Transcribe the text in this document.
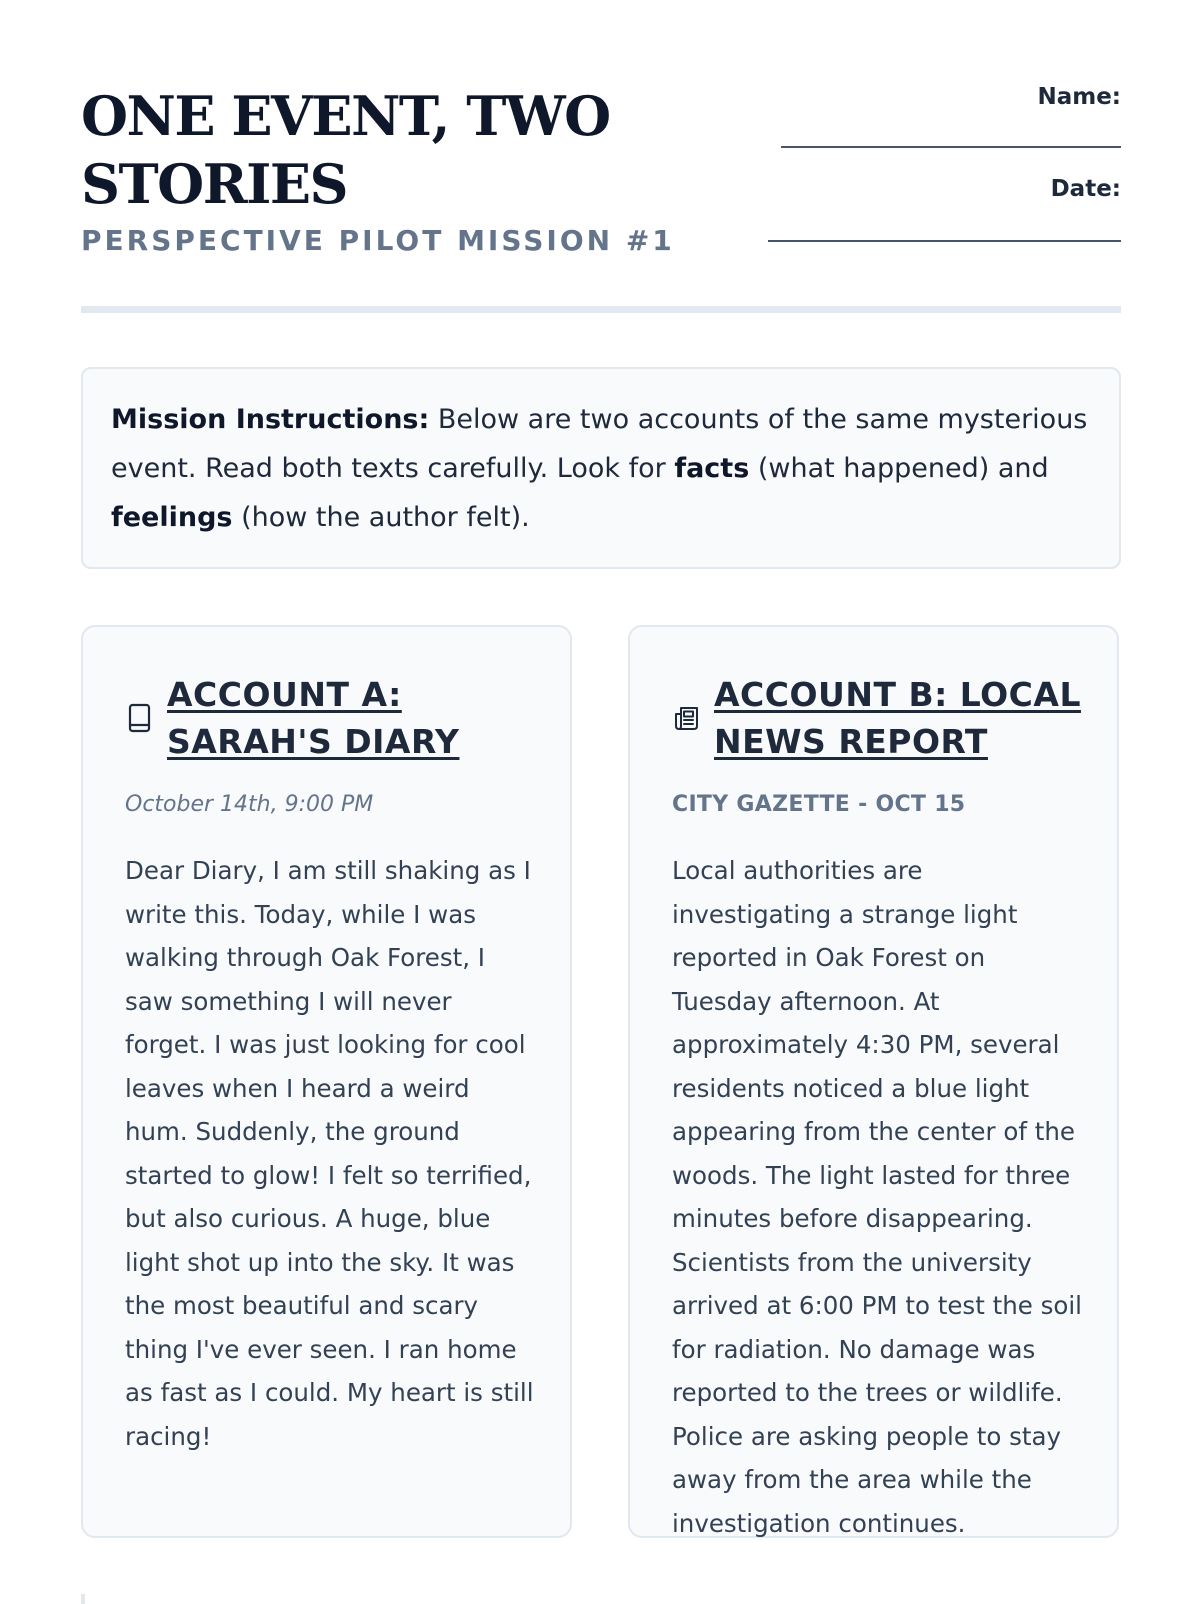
ONE EVENT, TWO STORIES
PERSPECTIVE PILOT MISSION #1
Name:
Date:
Mission Instructions: Below are two accounts of the same mysterious event. Read both texts carefully. Look for facts (what happened) and feelings (how the author felt).
ACCOUNT A: SARAH'S DIARY
October 14th, 9:00 PM

Dear Diary, I am still shaking as I write this. Today, while I was walking through Oak Forest, I saw something I will never forget. I was just looking for cool leaves when I heard a weird hum. Suddenly, the ground started to glow! I felt so terrified, but also curious. A huge, blue light shot up into the sky. It was the most beautiful and scary thing I've ever seen. I ran home as fast as I could. My heart is still racing!

ACCOUNT B: LOCAL NEWS REPORT
CITY GAZETTE - OCT 15

Local authorities are investigating a strange light reported in Oak Forest on Tuesday afternoon. At approximately 4:30 PM, several residents noticed a blue light appearing from the center of the woods. The light lasted for three minutes before disappearing. Scientists from the university arrived at 6:00 PM to test the soil for radiation. No damage was reported to the trees or wildlife. Police are asking people to stay away from the area while the investigation continues.
